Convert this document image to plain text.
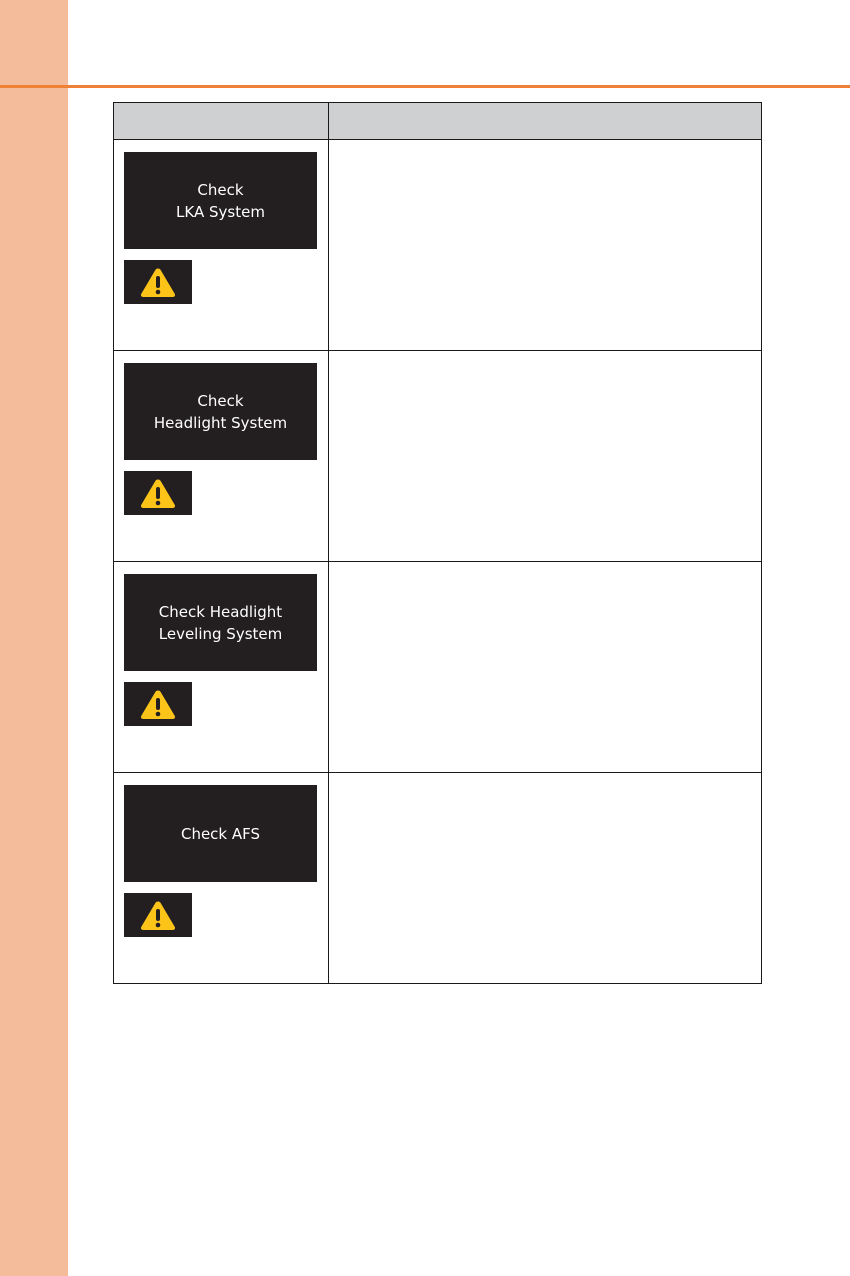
Check
LKA System	

Check
Headlight System	

Check Headlight
Leveling System	

Check AFS	
